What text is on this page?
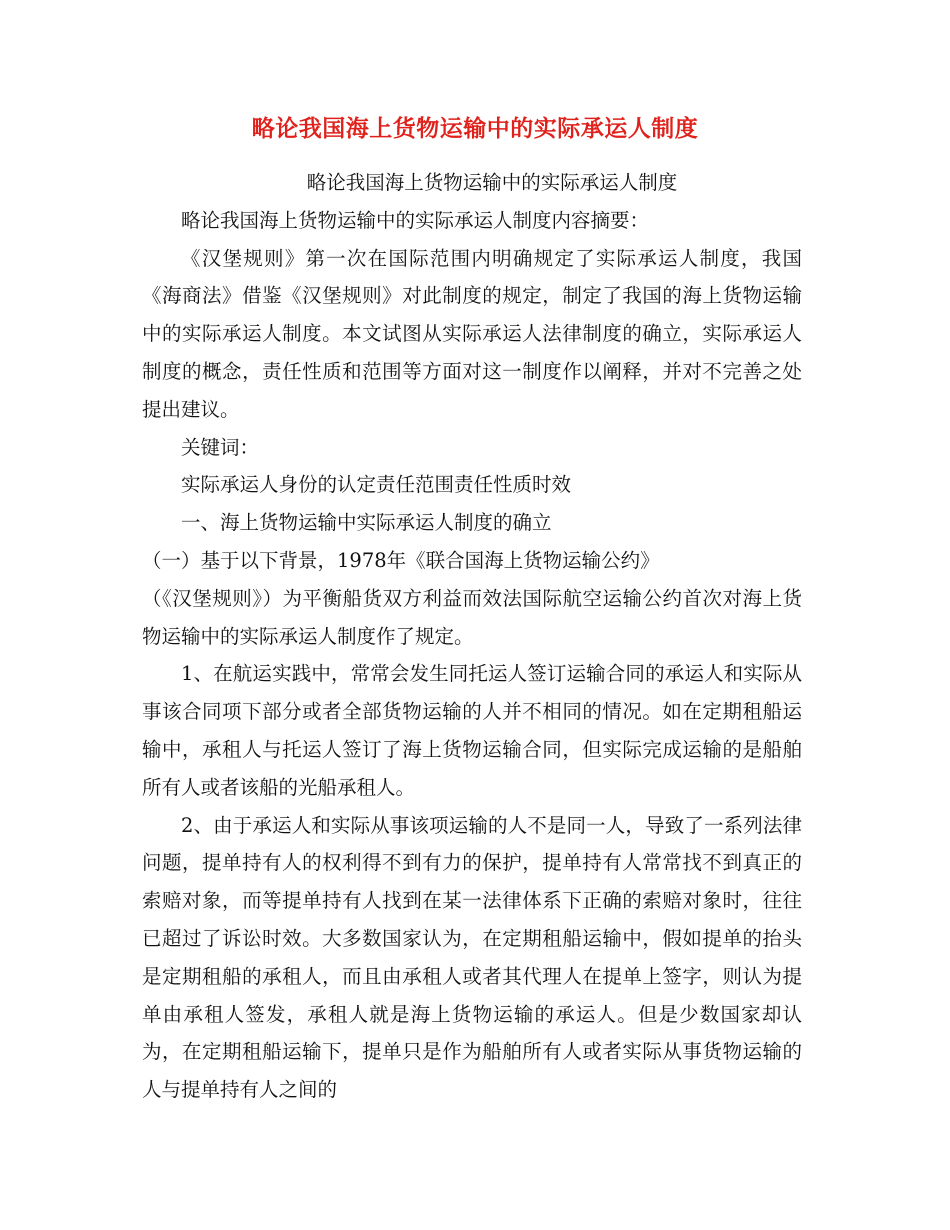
略论我国海上货物运输中的实际承运人制度

略论我国海上货物运输中的实际承运人制度

略论我国海上货物运输中的实际承运人制度内容摘要：

《汉堡规则》第一次在国际范围内明确规定了实际承运人制度，我国《海商法》借鉴《汉堡规则》对此制度的规定，制定了我国的海上货物运输中的实际承运人制度。本文试图从实际承运人法律制度的确立，实际承运人制度的概念，责任性质和范围等方面对这一制度作以阐释，并对不完善之处提出建议。

关键词：

实际承运人身份的认定责任范围责任性质时效

一、海上货物运输中实际承运人制度的确立

（一）基于以下背景，1978年《联合国海上货物运输公约》

（《汉堡规则》）为平衡船货双方利益而效法国际航空运输公约首次对海上货物运输中的实际承运人制度作了规定。

1、在航运实践中，常常会发生同托运人签订运输合同的承运人和实际从事该合同项下部分或者全部货物运输的人并不相同的情况。如在定期租船运输中，承租人与托运人签订了海上货物运输合同，但实际完成运输的是船舶所有人或者该船的光船承租人。

2、由于承运人和实际从事该项运输的人不是同一人，导致了一系列法律问题，提单持有人的权利得不到有力的保护，提单持有人常常找不到真正的索赔对象，而等提单持有人找到在某一法律体系下正确的索赔对象时，往往已超过了诉讼时效。大多数国家认为，在定期租船运输中，假如提单的抬头是定期租船的承租人，而且由承租人或者其代理人在提单上签字，则认为提单由承租人签发，承租人就是海上货物运输的承运人。但是少数国家却认为，在定期租船运输下，提单只是作为船舶所有人或者实际从事货物运输的人与提单持有人之间的
